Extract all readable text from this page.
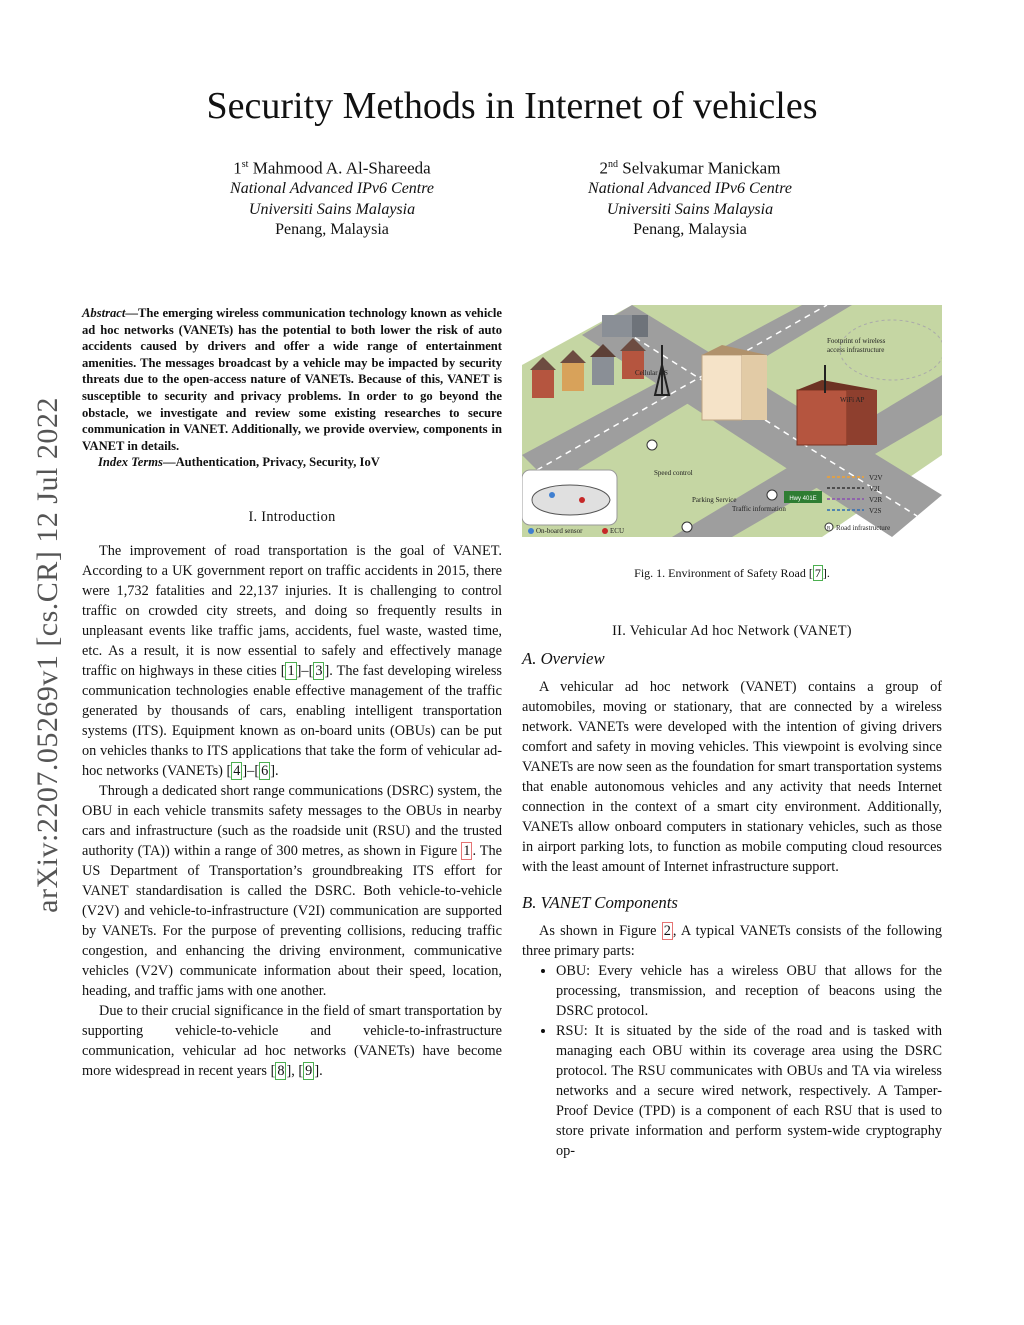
arXiv:2207.05269v1 [cs.CR] 12 Jul 2022
Security Methods in Internet of vehicles
1st Mahmood A. Al-Shareeda
National Advanced IPv6 Centre
Universiti Sains Malaysia
Penang, Malaysia
2nd Selvakumar Manickam
National Advanced IPv6 Centre
Universiti Sains Malaysia
Penang, Malaysia
Abstract—The emerging wireless communication technology known as vehicle ad hoc networks (VANETs) has the potential to both lower the risk of auto accidents caused by drivers and offer a wide range of entertainment amenities. The messages broadcast by a vehicle may be impacted by security threats due to the open-access nature of VANETs. Because of this, VANET is susceptible to security and privacy problems. In order to go beyond the obstacle, we investigate and review some existing researches to secure communication in VANET. Additionally, we provide overview, components in VANET in details.
Index Terms—Authentication, Privacy, Security, IoV
I. Introduction

The improvement of road transportation is the goal of VANET. According to a UK government report on traffic accidents in 2015, there were 1,732 fatalities and 22,137 injuries. It is challenging to control traffic on crowded city streets, and doing so frequently results in unpleasant events like traffic jams, accidents, fuel waste, wasted time, etc. As a result, it is now essential to safely and effectively manage traffic on highways in these cities [ 1 ]–[ 3 ]. The fast developing wireless communication technologies enable effective management of the traffic generated by thousands of cars, enabling intelligent transportation systems (ITS). Equipment known as on-board units (OBUs) can be put on vehicles thanks to ITS applications that take the form of vehicular ad-hoc networks (VANETs) [ 4 ]–[ 6 ].

Through a dedicated short range communications (DSRC) system, the OBU in each vehicle transmits safety messages to the OBUs in nearby cars and infrastructure (such as the roadside unit (RSU) and the trusted authority (TA)) within a range of 300 metres, as shown in Figure 1 . The US Department of Transportation’s groundbreaking ITS effort for VANET standardisation is called the DSRC. Both vehicle-to-vehicle (V2V) and vehicle-to-infrastructure (V2I) communication are supported by VANETs. For the purpose of preventing collisions, reducing traffic congestion, and enhancing the driving environment, communicative vehicles (V2V) communicate information about their speed, location, heading, and traffic jams with one another.

Due to their crucial significance in the field of smart transportation by supporting vehicle-to-vehicle and vehicle-to-infrastructure communication, vehicular ad hoc networks (VANETs) have become more widespread in recent years [ 8 ], [ 9 ].

Hwy 401E
Cellular BS
Footprint of wireless
access infrastructure
WiFi AP
Speed control
Parking Service
Traffic information
On-board sensor	ECU
V2V
V2I
V2R
V2S
R Road infrastructure

Fig. 1. Environment of Safety Road [ 7 ].

II. Vehicular Ad hoc Network (VANET)
A. Overview

A vehicular ad hoc network (VANET) contains a group of automobiles, moving or stationary, that are connected by a wireless network. VANETs were developed with the intention of giving drivers comfort and safety in moving vehicles. This viewpoint is evolving since VANETs are now seen as the foundation for smart transportation systems that enable autonomous vehicles and any activity that needs Internet connection in the context of a smart city environment. Additionally, VANETs allow onboard computers in stationary vehicles, such as those in airport parking lots, to function as mobile computing cloud resources with the least amount of Internet infrastructure support.

B. VANET Components

As shown in Figure 2 , A typical VANETs consists of the following three primary parts:

• OBU: Every vehicle has a wireless OBU that allows for the processing, transmission, and reception of beacons using the DSRC protocol.
• RSU: It is situated by the side of the road and is tasked with managing each OBU within its coverage area using the DSRC protocol. The RSU communicates with OBUs and TA via wireless networks and a secure wired network, respectively. A Tamper-Proof Device (TPD) is a component of each RSU that is used to store private information and perform system-wide cryptography op-
